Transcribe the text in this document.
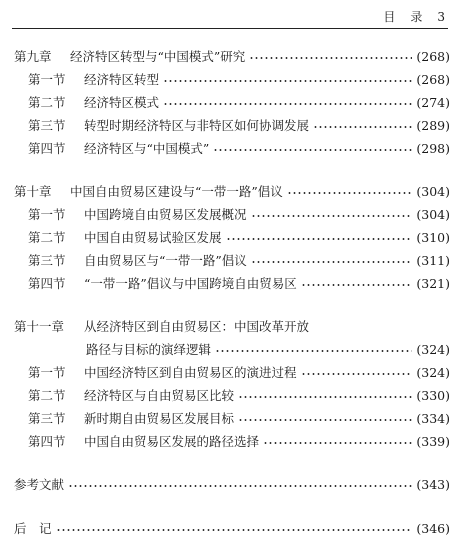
目 录 3
第九章	经济特区转型与“中国模式”研究	(268)
第一节	经济特区转型	(268)
第二节	经济特区模式	(274)
第三节	转型时期经济特区与非特区如何协调发展	(289)
第四节	经济特区与“中国模式”	(298)
第十章	中国自由贸易区建设与“一带一路”倡议	(304)
第一节	中国跨境自由贸易区发展概况	(304)
第二节	中国自由贸易试验区发展	(310)
第三节	自由贸易区与“一带一路”倡议	(311)
第四节	“一带一路”倡议与中国跨境自由贸易区	(321)
第十一章	从经济特区到自由贸易区：中国改革开放
路径与目标的演绎逻辑	(324)
第一节	中国经济特区到自由贸易区的演进过程	(324)
第二节	经济特区与自由贸易区比较	(330)
第三节	新时期自由贸易区发展目标	(334)
第四节	中国自由贸易区发展的路径选择	(339)
参考文献	(343)
后　记	(346)
